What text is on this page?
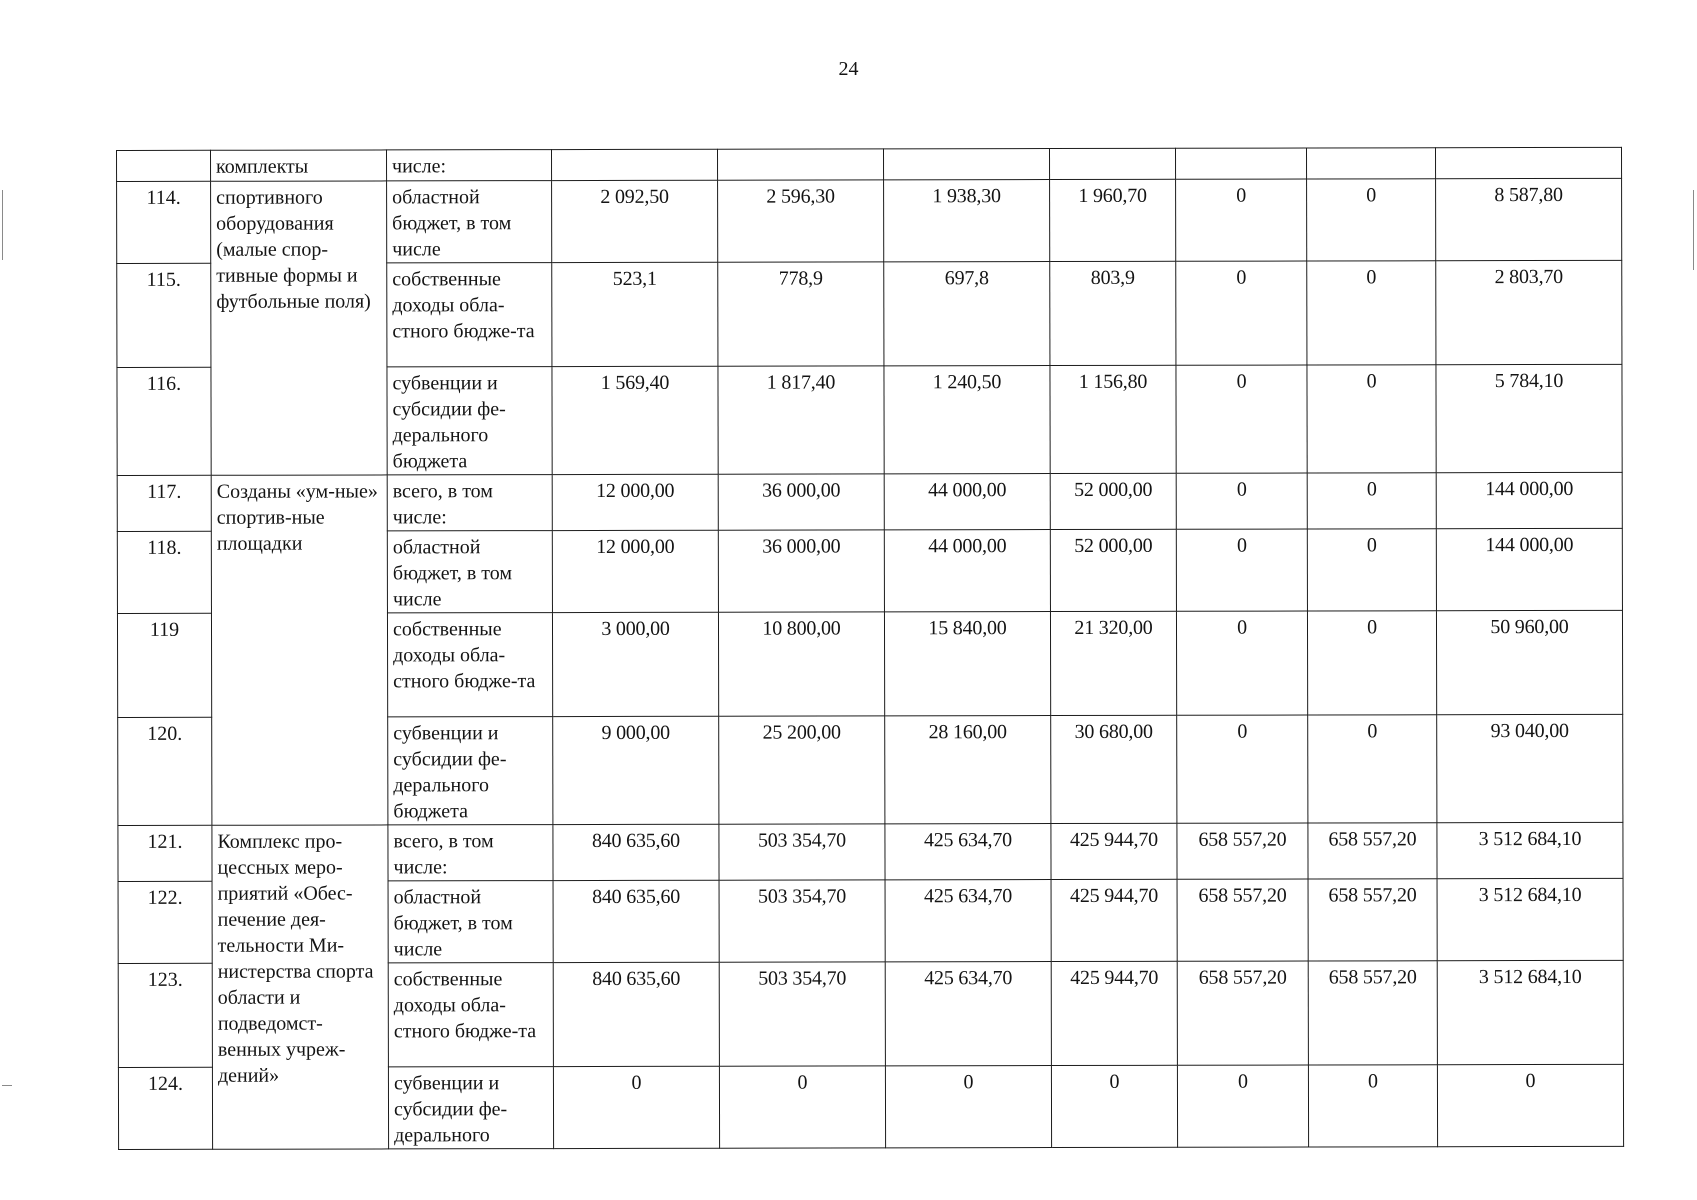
24
	комплекты	числе:							
114.	спортивного оборудования (малые спор-тивные формы и футбольные поля)	областной бюджет, в том числе	2 092,50	2 596,30	1 938,30	1 960,70	0	0	8 587,80
115.		собственные доходы обла-стного бюдже-та	523,1	778,9	697,8	803,9	0	0	2 803,70
116.		субвенции и субсидии фе-дерального бюджета	1 569,40	1 817,40	1 240,50	1 156,80	0	0	5 784,10
117.	Созданы «ум-ные» спортив-ные площадки	всего, в том числе:	12 000,00	36 000,00	44 000,00	52 000,00	0	0	144 000,00
118.		областной бюджет, в том числе	12 000,00	36 000,00	44 000,00	52 000,00	0	0	144 000,00
119		собственные доходы обла-стного бюдже-та	3 000,00	10 800,00	15 840,00	21 320,00	0	0	50 960,00
120.		субвенции и субсидии фе-дерального бюджета	9 000,00	25 200,00	28 160,00	30 680,00	0	0	93 040,00
121.	Комплекс про-цессных меро-приятий «Обес-печение дея-тельности Ми-нистерства спорта области и подведомст-венных учреж-дений»	всего, в том числе:	840 635,60	503 354,70	425 634,70	425 944,70	658 557,20	658 557,20	3 512 684,10
122.		областной бюджет, в том числе	840 635,60	503 354,70	425 634,70	425 944,70	658 557,20	658 557,20	3 512 684,10
123.		собственные доходы обла-стного бюдже-та	840 635,60	503 354,70	425 634,70	425 944,70	658 557,20	658 557,20	3 512 684,10
124.		субвенции и субсидии фе-дерального	0	0	0	0	0	0	0
